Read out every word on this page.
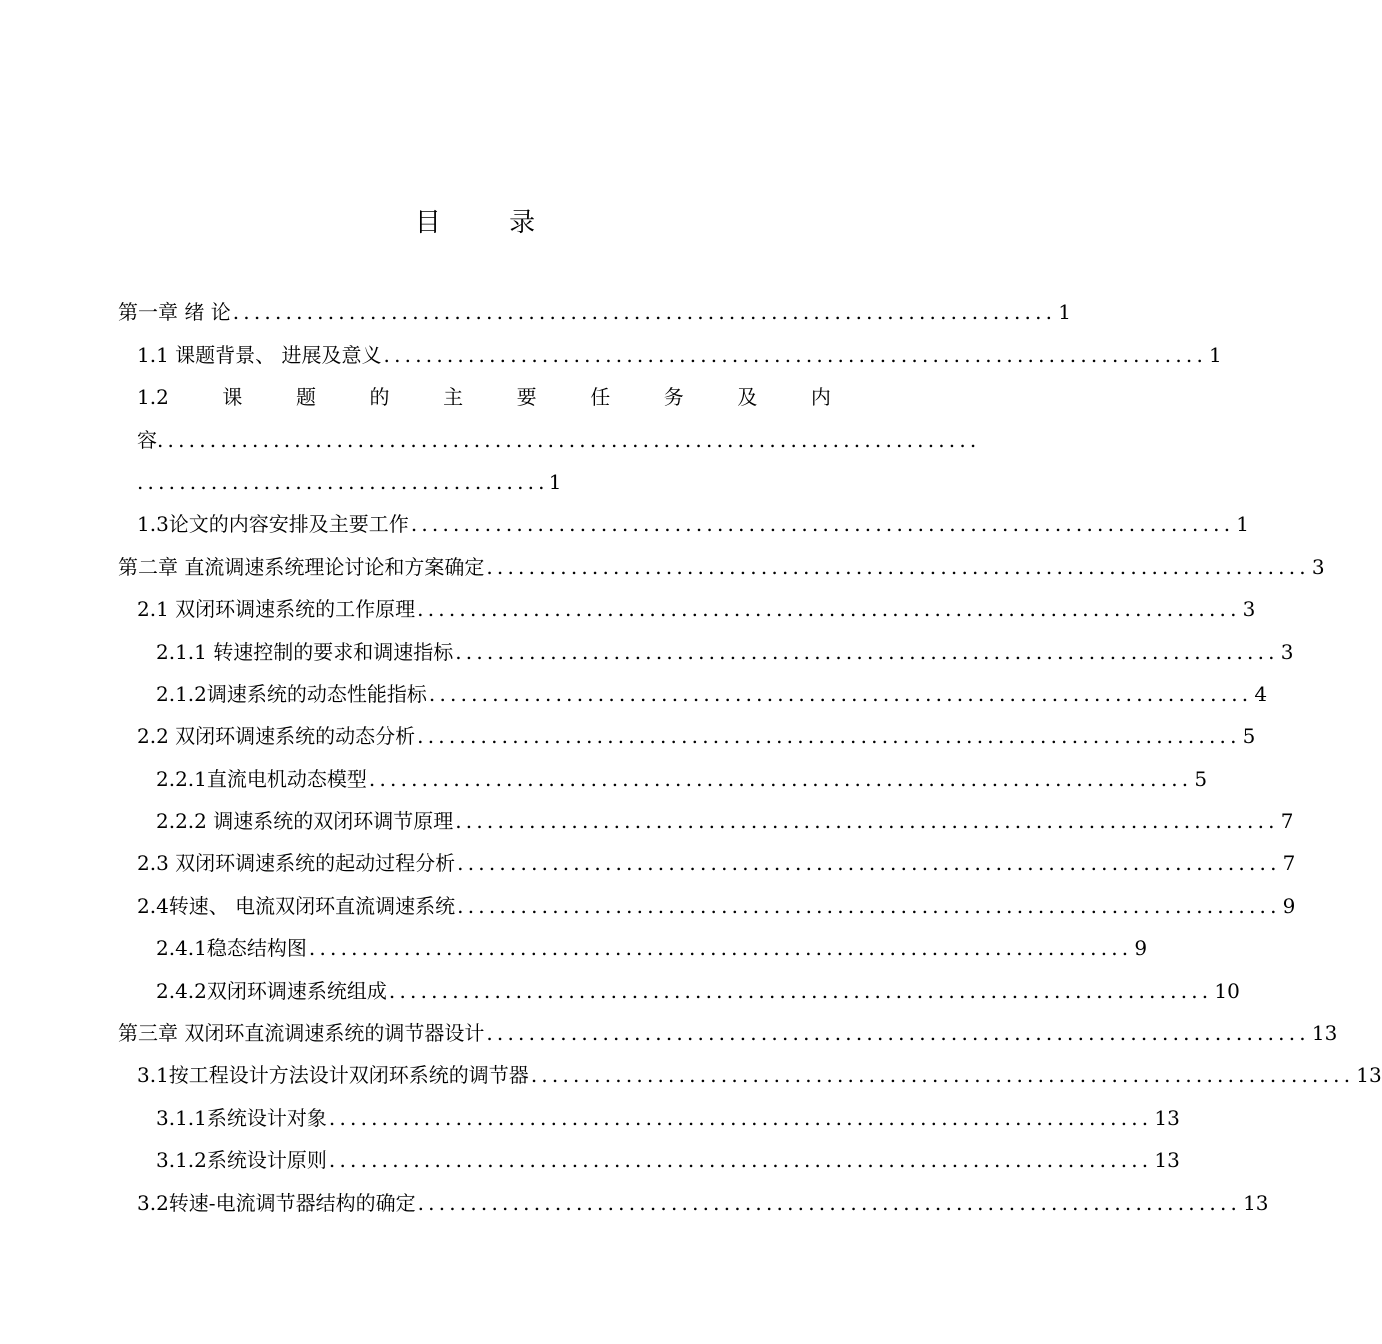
目 录
第一章 绪 论 .............................................................................. 1
1.1 课题背景、 进展及意义 .............................................................................. 1
1.2	课	题	的	主	要	任	务	及	内
容 ..............................................................................
....................................... 1
1.3论文的内容安排及主要工作 .............................................................................. 1
第二章 直流调速系统理论讨论和方案确定 .............................................................................. 3
2.1 双闭环调速系统的工作原理 .............................................................................. 3
2.1.1 转速控制的要求和调速指标 .............................................................................. 3
2.1.2调速系统的动态性能指标 .............................................................................. 4
2.2 双闭环调速系统的动态分析 .............................................................................. 5
2.2.1直流电机动态模型 .............................................................................. 5
2.2.2 调速系统的双闭环调节原理 .............................................................................. 7
2.3 双闭环调速系统的起动过程分析 .............................................................................. 7
2.4转速、 电流双闭环直流调速系统 .............................................................................. 9
2.4.1稳态结构图 .............................................................................. 9
2.4.2双闭环调速系统组成 .............................................................................. 10
第三章 双闭环直流调速系统的调节器设计 .............................................................................. 13
3.1按工程设计方法设计双闭环系统的调节器 .............................................................................. 13
3.1.1系统设计对象 .............................................................................. 13
3.1.2系统设计原则 .............................................................................. 13
3.2转速-电流调节器结构的确定 .............................................................................. 13
